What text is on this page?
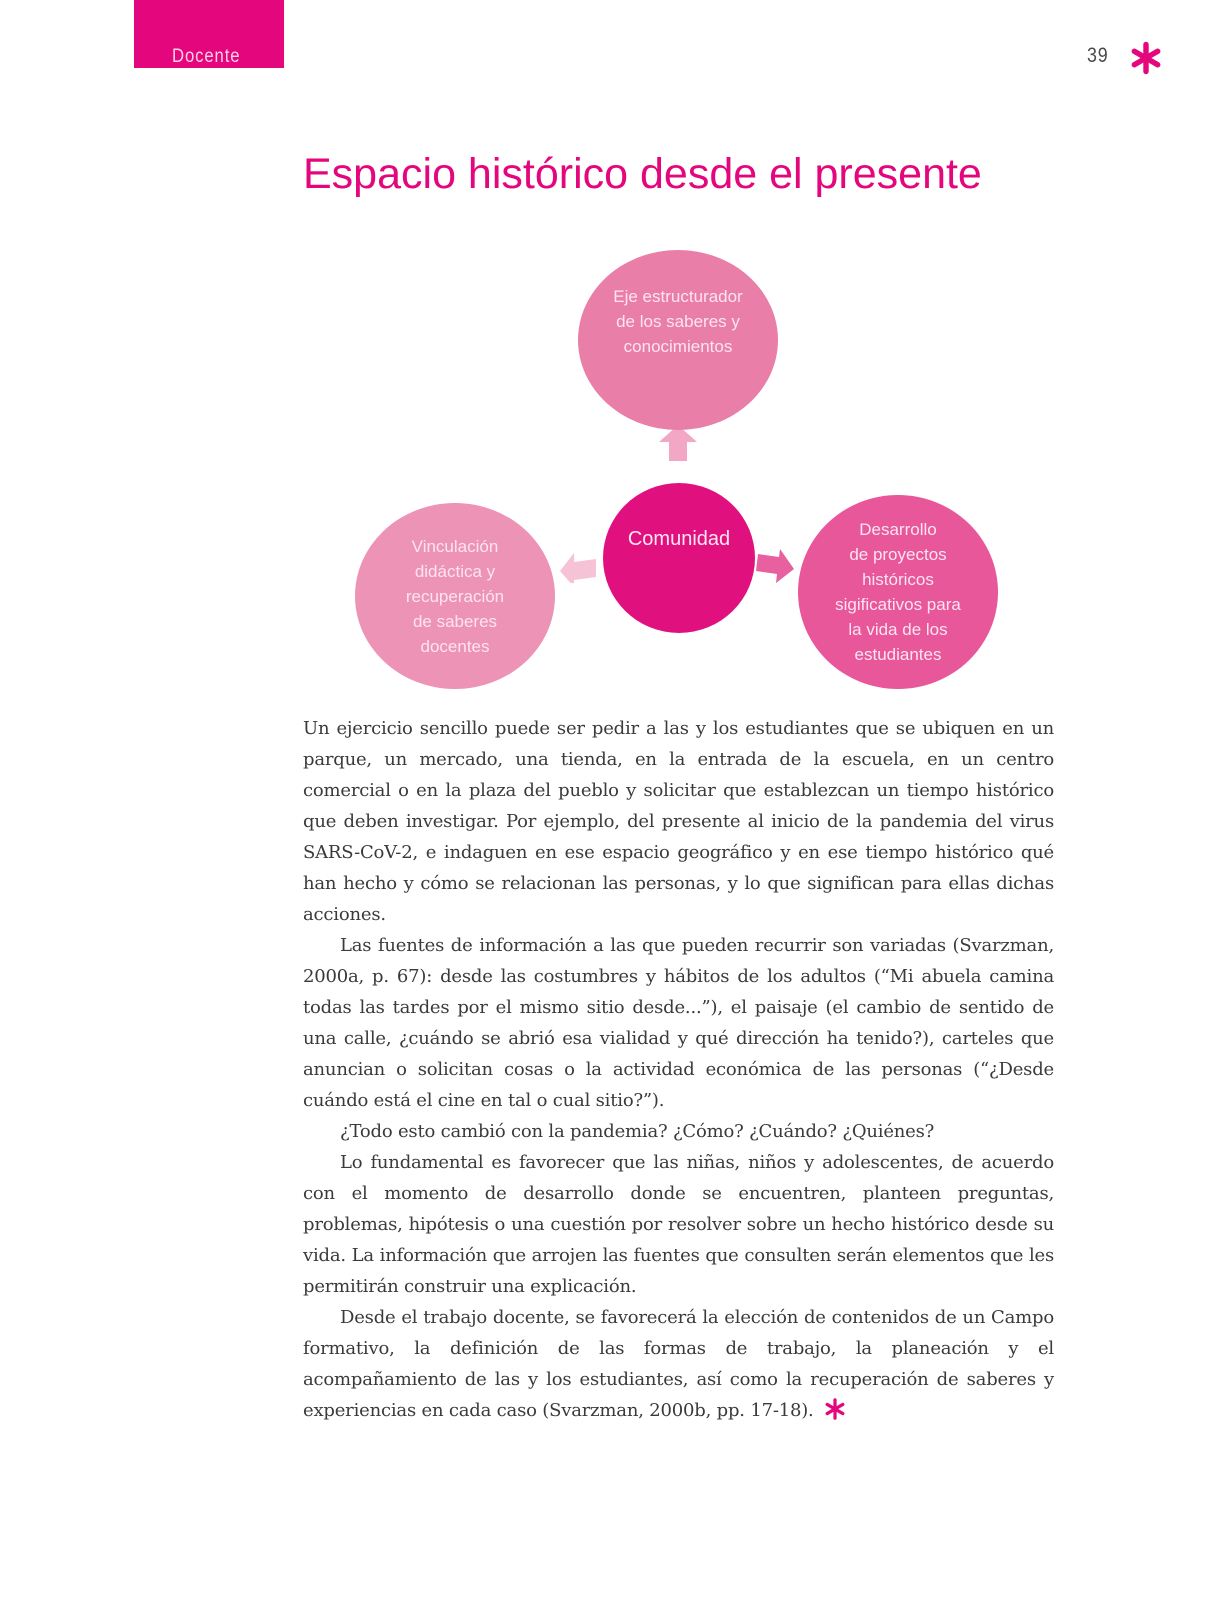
Docente	39
Espacio histórico desde el presente
Eje estructurador
de los saberes y
conocimientos
Vinculación
didáctica y
recuperación
de saberes
docentes
Desarrollo
de proyectos
históricos
sigificativos para
la vida de los
estudiantes
Comunidad

Un ejercicio sencillo puede ser pedir a las y los estudiantes que se ubiquen en un parque, un mercado, una tienda, en la entrada de la escuela, en un centro comercial o en la plaza del pueblo y solicitar que establezcan un tiempo histórico que deben investigar. Por ejemplo, del presente al inicio de la pandemia del virus SARS-CoV-2, e indaguen en ese espacio geográfico y en ese tiempo histórico qué han hecho y cómo se relacionan las personas, y lo que significan para ellas dichas acciones.

Las fuentes de información a las que pueden recurrir son variadas (Svarzman, 2000a, p. 67): desde las costumbres y hábitos de los adultos (“Mi abuela camina todas las tardes por el mismo sitio desde...”), el paisaje (el cambio de sentido de una calle, ¿cuándo se abrió esa vialidad y qué dirección ha tenido?), carteles que anuncian o solicitan cosas o la actividad económica de las personas (“¿Desde cuándo está el cine en tal o cual sitio?”).

¿Todo esto cambió con la pandemia? ¿Cómo? ¿Cuándo? ¿Quiénes?

Lo fundamental es favorecer que las niñas, niños y adolescentes, de acuerdo con el momento de desarrollo donde se encuentren, planteen preguntas, problemas, hipótesis o una cuestión por resolver sobre un hecho histórico desde su vida. La información que arrojen las fuentes que consulten serán elementos que les permitirán construir una explicación.

Desde el trabajo docente, se favorecerá la elección de contenidos de un Campo formativo, la definición de las formas de trabajo, la planeación y el acompañamiento de las y los estudiantes, así como la recuperación de saberes y experiencias en cada caso (Svarzman, 2000b, pp. 17-18).
